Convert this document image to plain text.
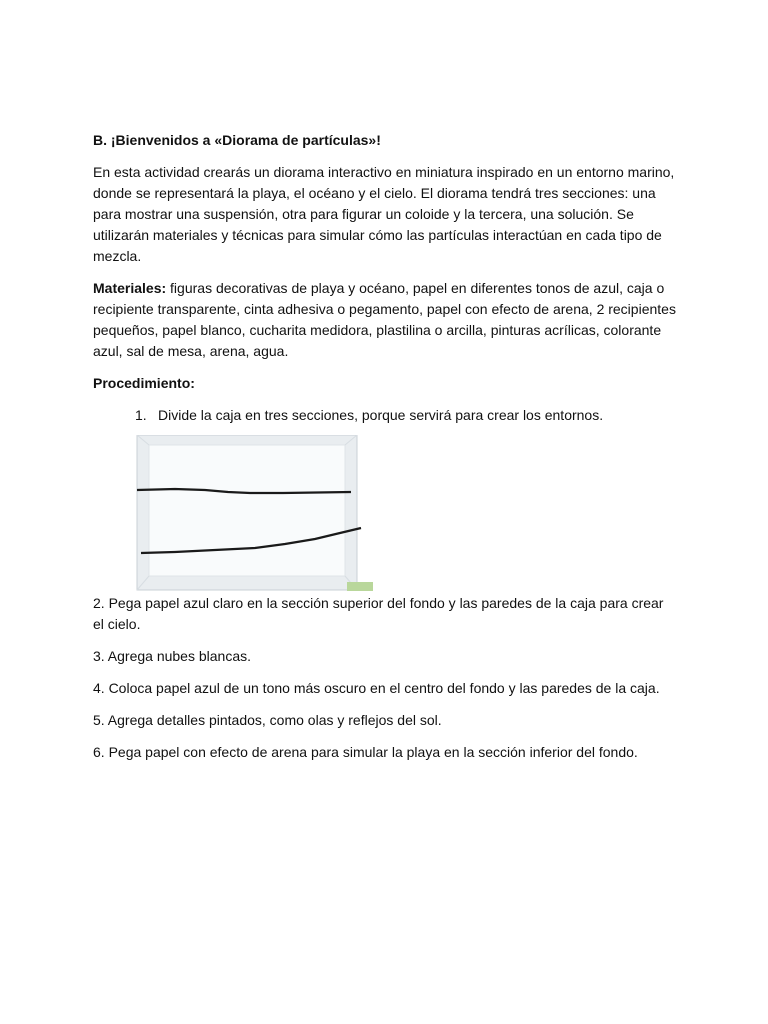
B. ¡Bienvenidos a «Diorama de partículas»!

En esta actividad crearás un diorama interactivo en miniatura inspirado en un entorno marino, donde se representará la playa, el océano y el cielo. El diorama tendrá tres secciones: una para mostrar una suspensión, otra para figurar un coloide y la tercera, una solución. Se utilizarán materiales y técnicas para simular cómo las partículas interactúan en cada tipo de mezcla.

Materiales: figuras decorativas de playa y océano, papel en diferentes tonos de azul, caja o recipiente transparente, cinta adhesiva o pegamento, papel con efecto de arena, 2 recipientes pequeños, papel blanco, cucharita medidora, plastilina o arcilla, pinturas acrílicas, colorante azul, sal de mesa, arena, agua.

Procedimiento:

1. Divide la caja en tres secciones, porque servirá para crear los entornos.
2. Pega papel azul claro en la sección superior del fondo y las paredes de la caja para crear el cielo.
3. Agrega nubes blancas.
4. Coloca papel azul de un tono más oscuro en el centro del fondo y las paredes de la caja.
5. Agrega detalles pintados, como olas y reflejos del sol.
6. Pega papel con efecto de arena para simular la playa en la sección inferior del fondo.
